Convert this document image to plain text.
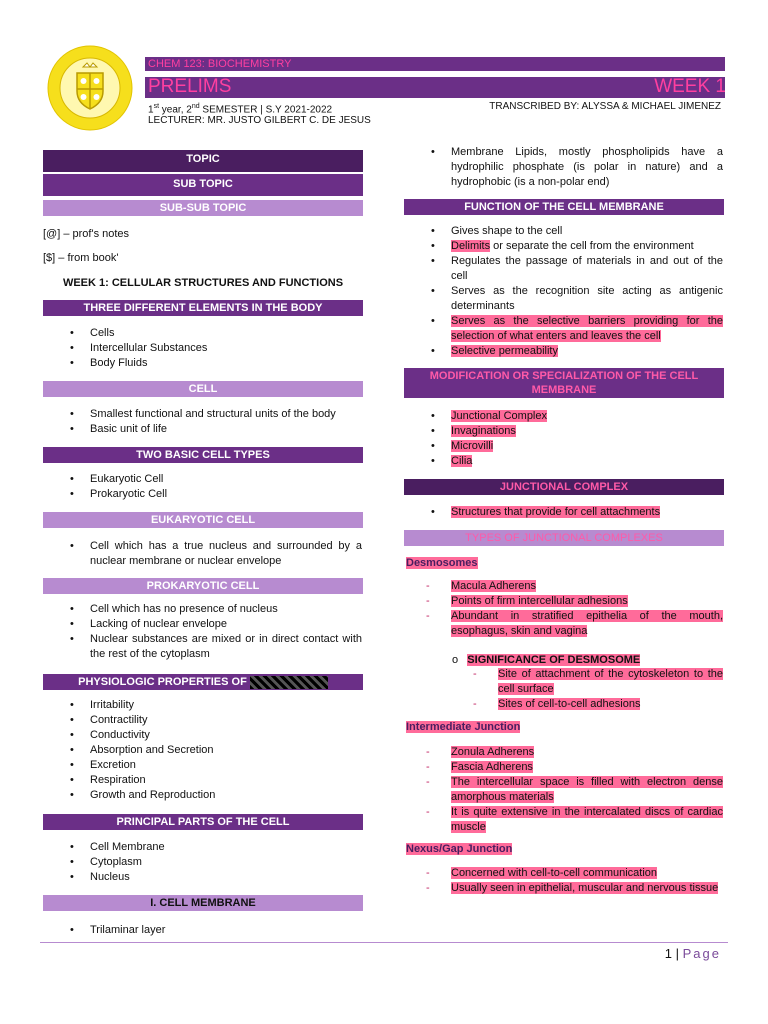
CHEM 123: BIOCHEMISTRY
PRELIMS	WEEK 1
1st year, 2nd SEMESTER | S.Y 2021-2022	TRANSCRIBED BY: ALYSSA & MICHAEL JIMENEZ
LECTURER: MR. JUSTO GILBERT C. DE JESUS
TOPIC
SUB TOPIC
SUB-SUB TOPIC
[@] – prof's notes
[$] – from book'
WEEK 1: CELLULAR STRUCTURES AND FUNCTIONS
THREE DIFFERENT ELEMENTS IN THE BODY
• Cells
• Intercellular Substances
• Body Fluids
CELL
• Smallest functional and structural units of the body
• Basic unit of life
TWO BASIC CELL TYPES
• Eukaryotic Cell
• Prokaryotic Cell
EUKARYOTIC CELL
• Cell which has a true nucleus and surrounded by a nuclear membrane or nuclear envelope
PROKARYOTIC CELL
• Cell which has no presence of nucleus
• Lacking of nuclear envelope
• Nuclear substances are mixed or in direct contact with the rest of the cytoplasm
PHYSIOLOGIC PROPERTIES OF
• Irritability
• Contractility
• Conductivity
• Absorption and Secretion
• Excretion
• Respiration
• Growth and Reproduction
PRINCIPAL PARTS OF THE CELL
• Cell Membrane
• Cytoplasm
• Nucleus
I. CELL MEMBRANE
• Trilaminar layer
• Membrane Lipids, mostly phospholipids have a hydrophilic phosphate (is polar in nature) and a hydrophobic (is a non-polar end)
FUNCTION OF THE CELL MEMBRANE
• Gives shape to the cell
• Delimits or separate the cell from the environment
• Regulates the passage of materials in and out of the cell
• Serves as the recognition site acting as antigenic determinants
• Serves as the selective barriers providing for the selection of what enters and leaves the cell
• Selective permeability
MODIFICATION OR SPECIALIZATION OF THE CELL MEMBRANE
• Junctional Complex
• Invaginations
• Microvilli
• Cilia
JUNCTIONAL COMPLEX
• Structures that provide for cell attachments
TYPES OF JUNCTIONAL COMPLEXES
Desmosomes
- Macula Adherens
- Points of firm intercellular adhesions
- Abundant in stratified epithelia of the mouth, esophagus, skin and vagina
o SIGNIFICANCE OF DESMOSOME
- Site of attachment of the cytoskeleton to the cell surface
- Sites of cell-to-cell adhesions
Intermediate Junction
- Zonula Adherens
- Fascia Adherens
- The intercellular space is filled with electron dense amorphous materials
- It is quite extensive in the intercalated discs of cardiac muscle
Nexus/Gap Junction
- Concerned with cell-to-cell communication
- Usually seen in epithelial, muscular and nervous tissue
1 | Page
